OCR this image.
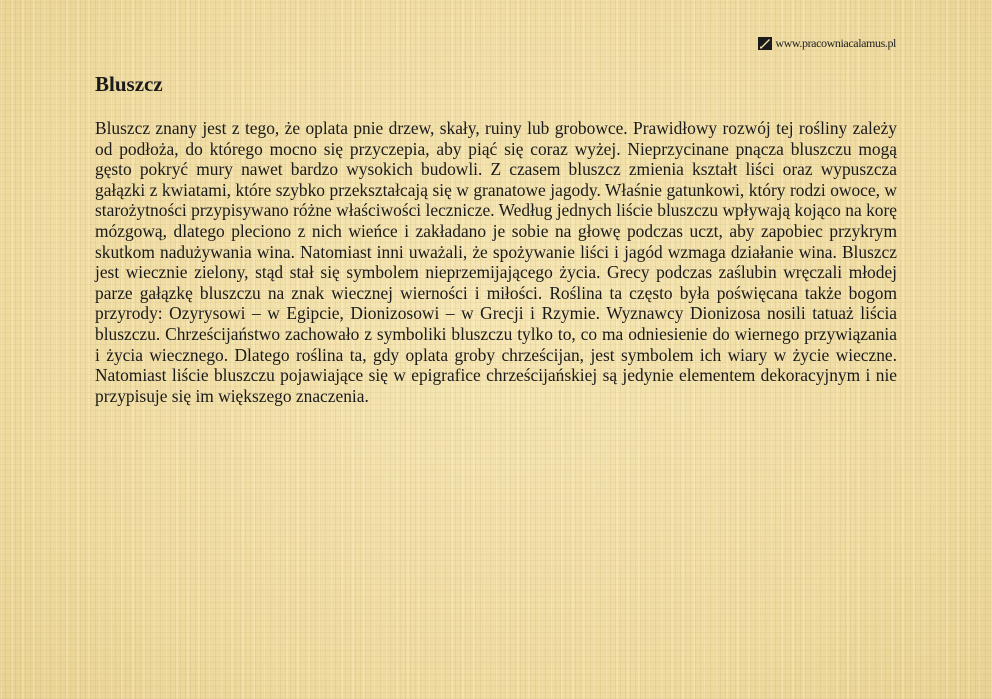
www.pracowniacalamus.pl
Bluszcz

Bluszcz znany jest z tego, że oplata pnie drzew, skały, ruiny lub grobowce. Prawidłowy rozwój tej rośliny zależy od podłoża, do którego mocno się przyczepia, aby piąć się coraz wyżej. Nieprzycinane pnącza bluszczu mogą gęsto pokryć mury nawet bardzo wysokich budowli. Z czasem bluszcz zmienia kształt liści oraz wypuszcza gałązki z kwiatami, które szybko przekształcają się w granatowe jagody. Właśnie gatunkowi, który rodzi owoce, w starożytności przypisywano różne właściwości lecznicze. Według jednych liście bluszczu wpływają kojąco na korę mózgową, dlatego pleciono z nich wieńce i zakładano je sobie na głowę podczas uczt, aby zapobiec przykrym skutkom nadużywania wina. Natomiast inni uważali, że spożywanie liści i jagód wzmaga działanie wina. Bluszcz jest wiecznie zielony, stąd stał się symbolem nieprzemijającego życia. Grecy podczas zaślubin wręczali młodej parze gałązkę bluszczu na znak wiecznej wierności i miłości. Roślina ta często była poświęcana także bogom przyrody: Ozyrysowi – w Egipcie, Dionizosowi – w Grecji i Rzymie. Wyznawcy Dionizosa nosili tatuaż liścia bluszczu. Chrześcijaństwo zachowało z symboliki bluszczu tylko to, co ma odniesienie do wiernego przywiązania i życia wiecznego. Dlatego roślina ta, gdy oplata groby chrześcijan, jest symbolem ich wiary w życie wieczne. Natomiast liście bluszczu pojawiające się w epigrafice chrześcijańskiej są jedynie elementem dekoracyjnym i nie przypisuje się im większego znaczenia.
